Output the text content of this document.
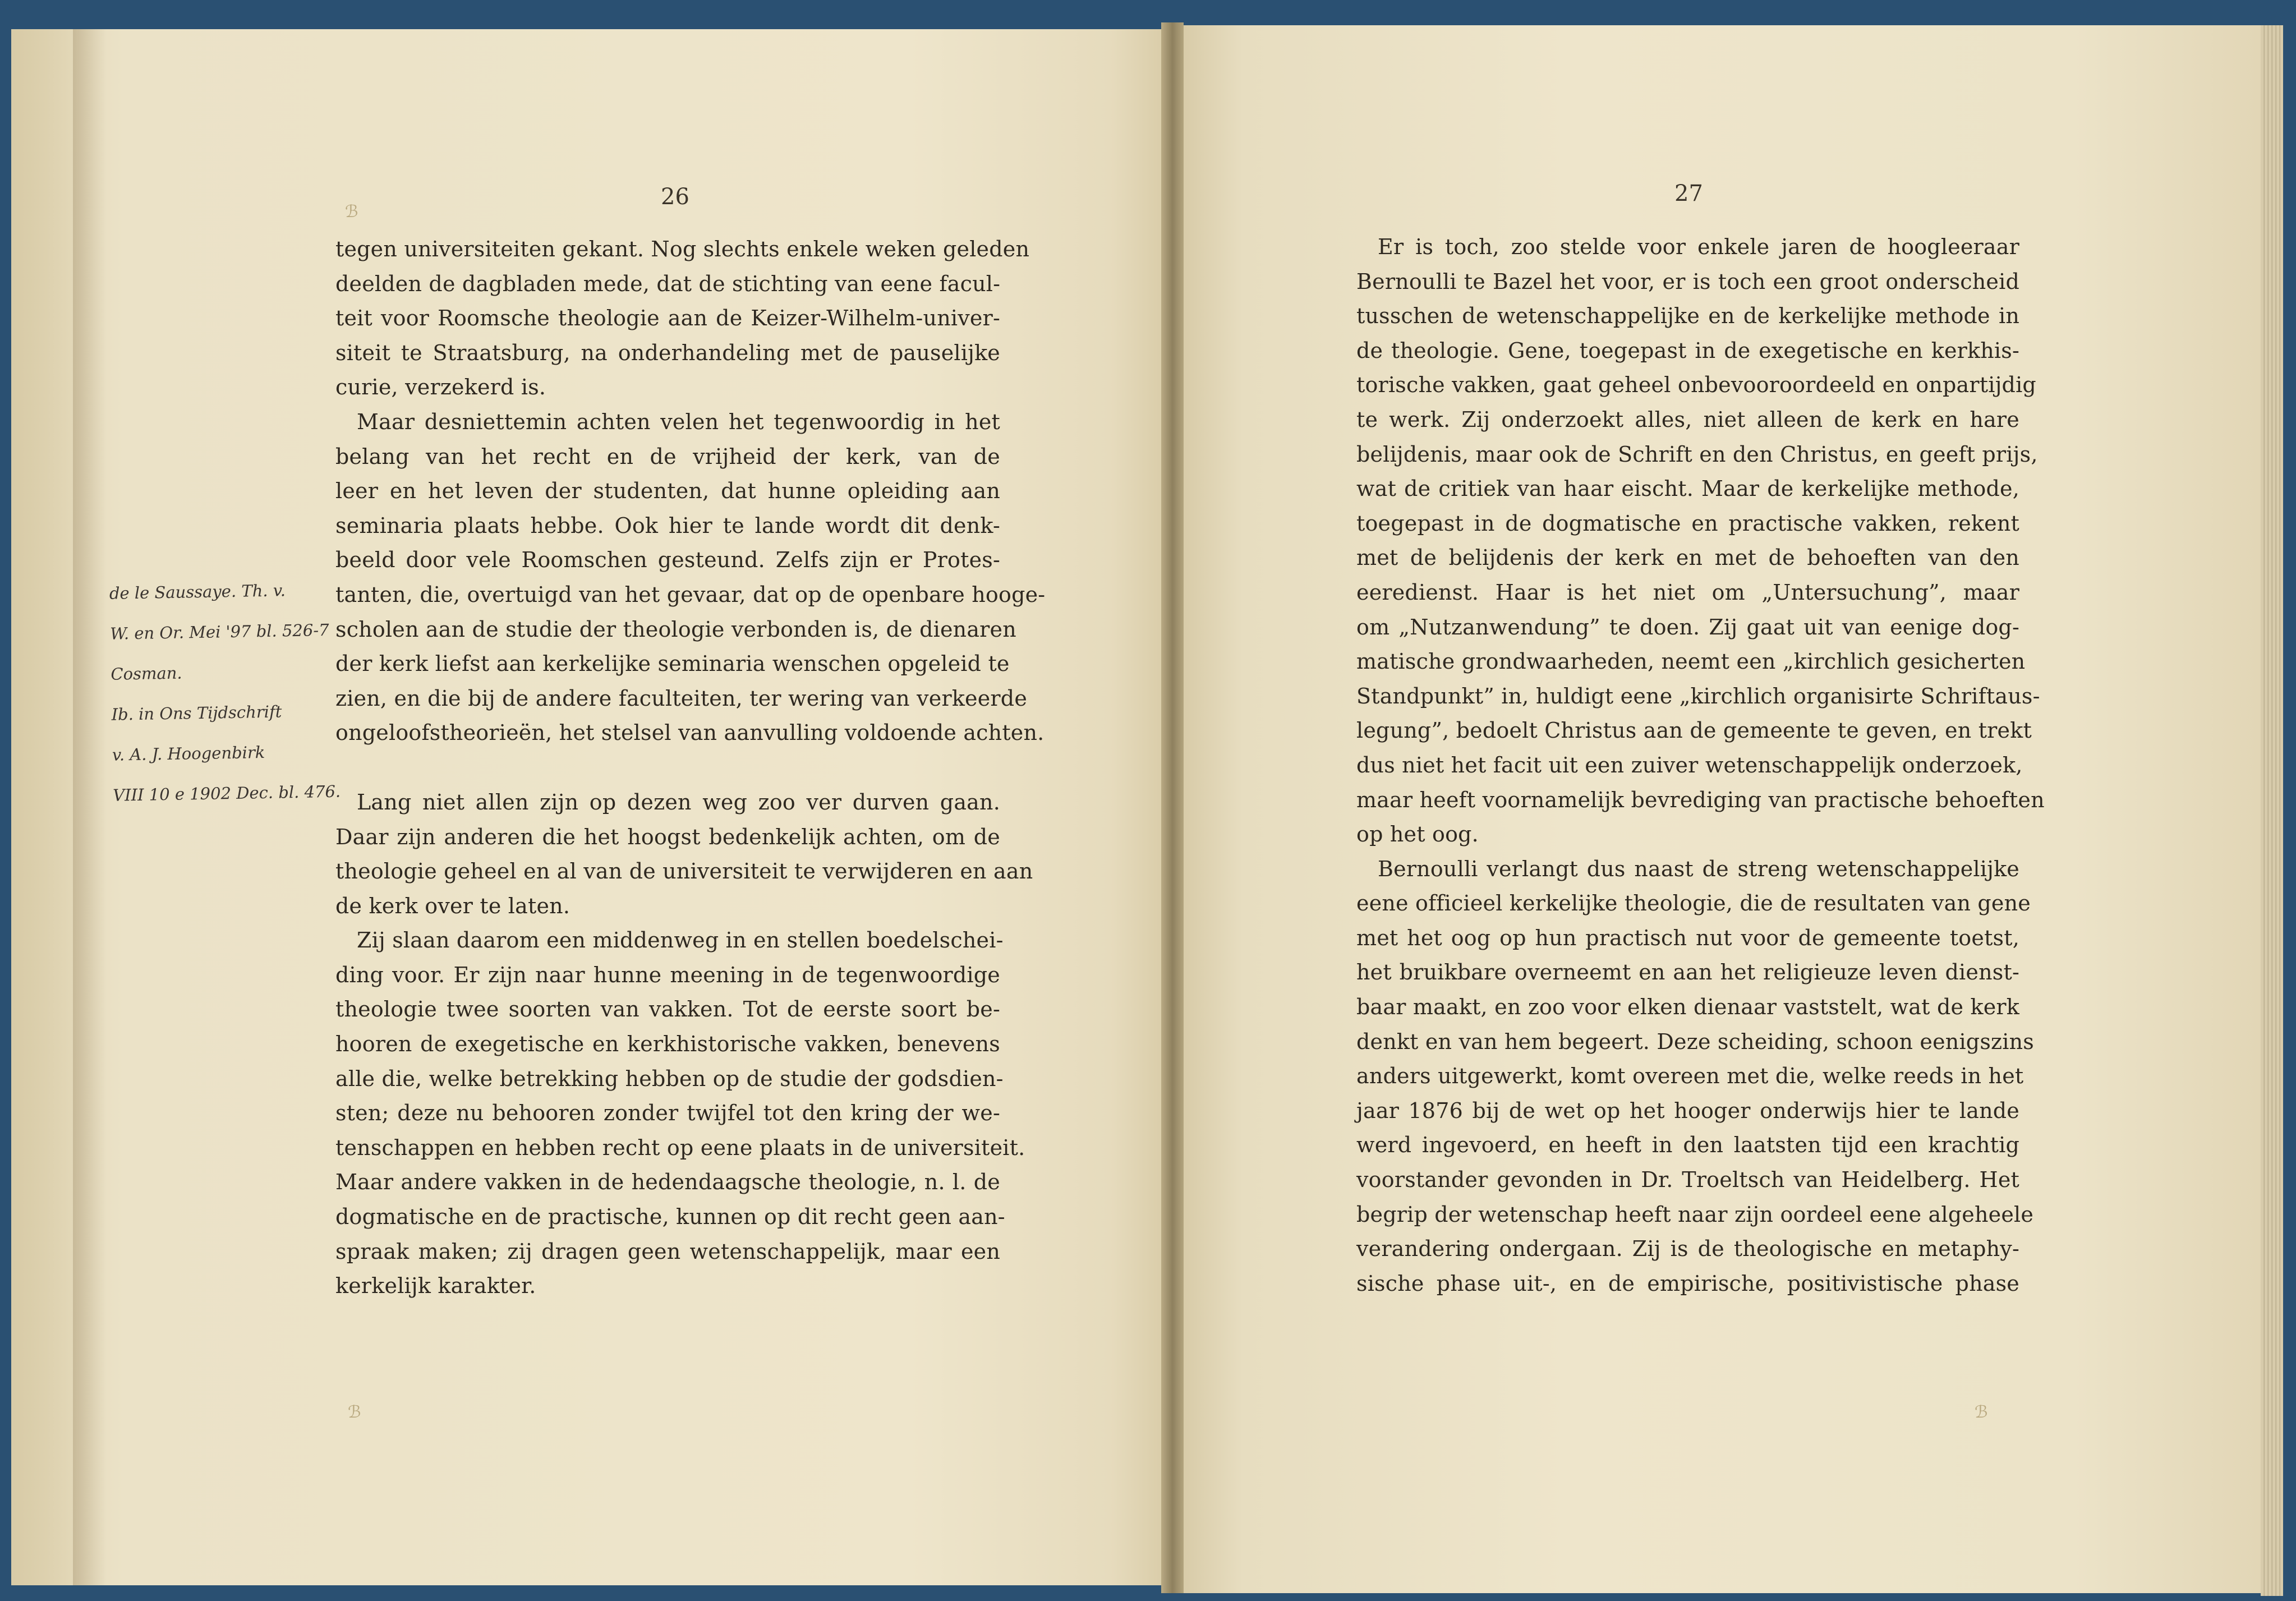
26	27
tegen universiteiten gekant. Nog slechts enkele weken geleden
deelden de dagbladen mede, dat de stichting van eene facul-
teit voor Roomsche theologie aan de Keizer-Wilhelm-univer-
siteit te Straatsburg, na onderhandeling met de pauselijke
curie, verzekerd is.
Maar desniettemin achten velen het tegenwoordig in het
belang van het recht en de vrijheid der kerk, van de
leer en het leven der studenten, dat hunne opleiding aan
seminaria plaats hebbe. Ook hier te lande wordt dit denk-
beeld door vele Roomschen gesteund. Zelfs zijn er Protes-
tanten, die, overtuigd van het gevaar, dat op de openbare hooge-
scholen aan de studie der theologie verbonden is, de dienaren
der kerk liefst aan kerkelijke seminaria wenschen opgeleid te
zien, en die bij de andere faculteiten, ter wering van verkeerde
ongeloofstheorieën, het stelsel van aanvulling voldoende achten.
Lang niet allen zijn op dezen weg zoo ver durven gaan.
Daar zijn anderen die het hoogst bedenkelijk achten, om de
theologie geheel en al van de universiteit te verwijderen en aan
de kerk over te laten.
Zij slaan daarom een middenweg in en stellen boedelschei-
ding voor. Er zijn naar hunne meening in de tegenwoordige
theologie twee soorten van vakken. Tot de eerste soort be-
hooren de exegetische en kerkhistorische vakken, benevens
alle die, welke betrekking hebben op de studie der godsdien-
sten; deze nu behooren zonder twijfel tot den kring der we-
tenschappen en hebben recht op eene plaats in de universiteit.
Maar andere vakken in de hedendaagsche theologie, n. l. de
dogmatische en de practische, kunnen op dit recht geen aan-
spraak maken; zij dragen geen wetenschappelijk, maar een
kerkelijk karakter.
Er is toch, zoo stelde voor enkele jaren de hoogleeraar
Bernoulli te Bazel het voor, er is toch een groot onderscheid
tusschen de wetenschappelijke en de kerkelijke methode in
de theologie. Gene, toegepast in de exegetische en kerkhis-
torische vakken, gaat geheel onbevooroordeeld en onpartijdig
te werk. Zij onderzoekt alles, niet alleen de kerk en hare
belijdenis, maar ook de Schrift en den Christus, en geeft prijs,
wat de critiek van haar eischt. Maar de kerkelijke methode,
toegepast in de dogmatische en practische vakken, rekent
met de belijdenis der kerk en met de behoeften van den
eeredienst. Haar is het niet om „Untersuchung”, maar
om „Nutzanwendung” te doen. Zij gaat uit van eenige dog-
matische grondwaarheden, neemt een „kirchlich gesicherten
Standpunkt” in, huldigt eene „kirchlich organisirte Schriftaus-
legung”, bedoelt Christus aan de gemeente te geven, en trekt
dus niet het facit uit een zuiver wetenschappelijk onderzoek,
maar heeft voornamelijk bevrediging van practische behoeften
op het oog.
Bernoulli verlangt dus naast de streng wetenschappelijke
eene officieel kerkelijke theologie, die de resultaten van gene
met het oog op hun practisch nut voor de gemeente toetst,
het bruikbare overneemt en aan het religieuze leven dienst-
baar maakt, en zoo voor elken dienaar vaststelt, wat de kerk
denkt en van hem begeert. Deze scheiding, schoon eenigszins
anders uitgewerkt, komt overeen met die, welke reeds in het
jaar 1876 bij de wet op het hooger onderwijs hier te lande
werd ingevoerd, en heeft in den laatsten tijd een krachtig
voorstander gevonden in Dr. Troeltsch van Heidelberg. Het
begrip der wetenschap heeft naar zijn oordeel eene algeheele
verandering ondergaan. Zij is de theologische en metaphy-
sische phase uit-, en de empirische, positivistische phase
de le Saussaye. Th. v.
W. en Or. Mei '97 bl. 526-7
Cosman.
Ib. in Ons Tijdschrift
v. A. J. Hoogenbirk
VIII 10 e 1902 Dec. bl. 476.
ℬ
ℬ	ℬ
